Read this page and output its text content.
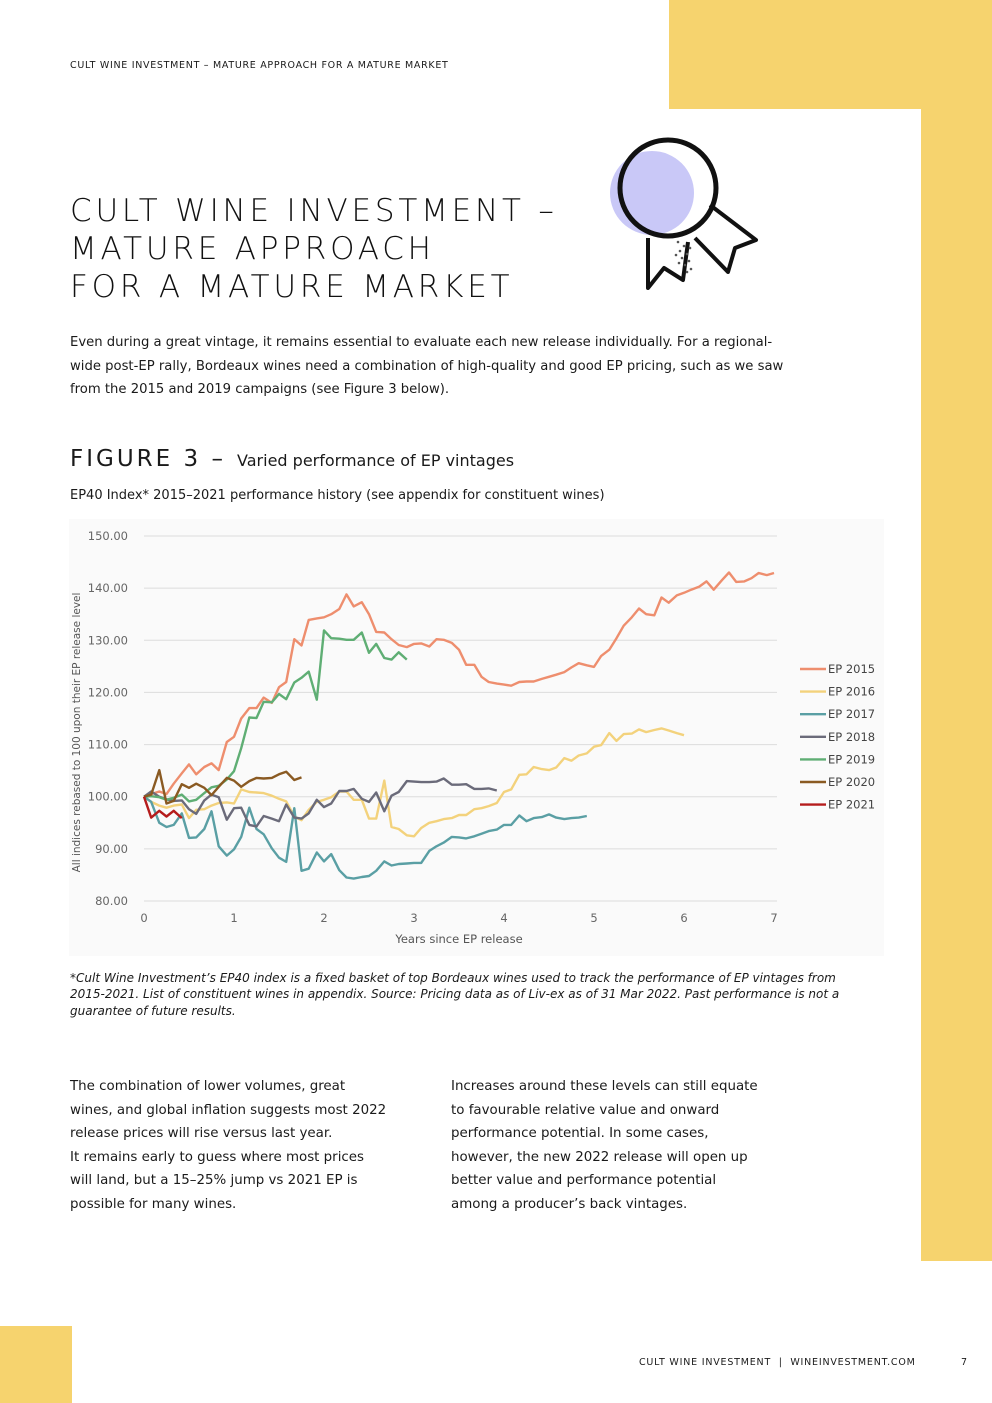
CULT WINE INVESTMENT – MATURE APPROACH FOR A MATURE MARKET
CULT WINE INVESTMENT –
MATURE APPROACH
FOR A MATURE MARKET

Even during a great vintage, it remains essential to evaluate each new release individually. For a regional-wide post-EP rally, Bordeaux wines need a combination of high-quality and good EP pricing, such as we saw from the 2015 and 2019 campaigns (see Figure 3 below).

FIGURE 3 – Varied performance of EP vintages
EP40 Index* 2015–2021 performance history (see appendix for constituent wines)
80.00
90.00
100.00
110.00
120.00
130.00
140.00
150.00
0	1	2	3	4	5	6	7
Years since EP release
All indices rebased to 100 upon their EP release level	EP 2015
EP 2016
EP 2017
EP 2018
EP 2019
EP 2020
EP 2021

*Cult Wine Investment’s EP40 index is a fixed basket of top Bordeaux wines used to track the performance of EP vintages from 2015-2021. List of constituent wines in appendix. Source: Pricing data as of Liv-ex as of 31 Mar 2022. Past performance is not a guarantee of future results.

The combination of lower volumes, great
wines, and global inflation suggests most 2022
release prices will rise versus last year.
It remains early to guess where most prices
will land, but a 15–25% jump vs 2021 EP is
possible for many wines.

Increases around these levels can still equate
to favourable relative value and onward
performance potential. In some cases,
however, the new 2022 release will open up
better value and performance potential
among a producer’s back vintages.

CULT WINE INVESTMENT  |  WINEINVESTMENT.COM	7
